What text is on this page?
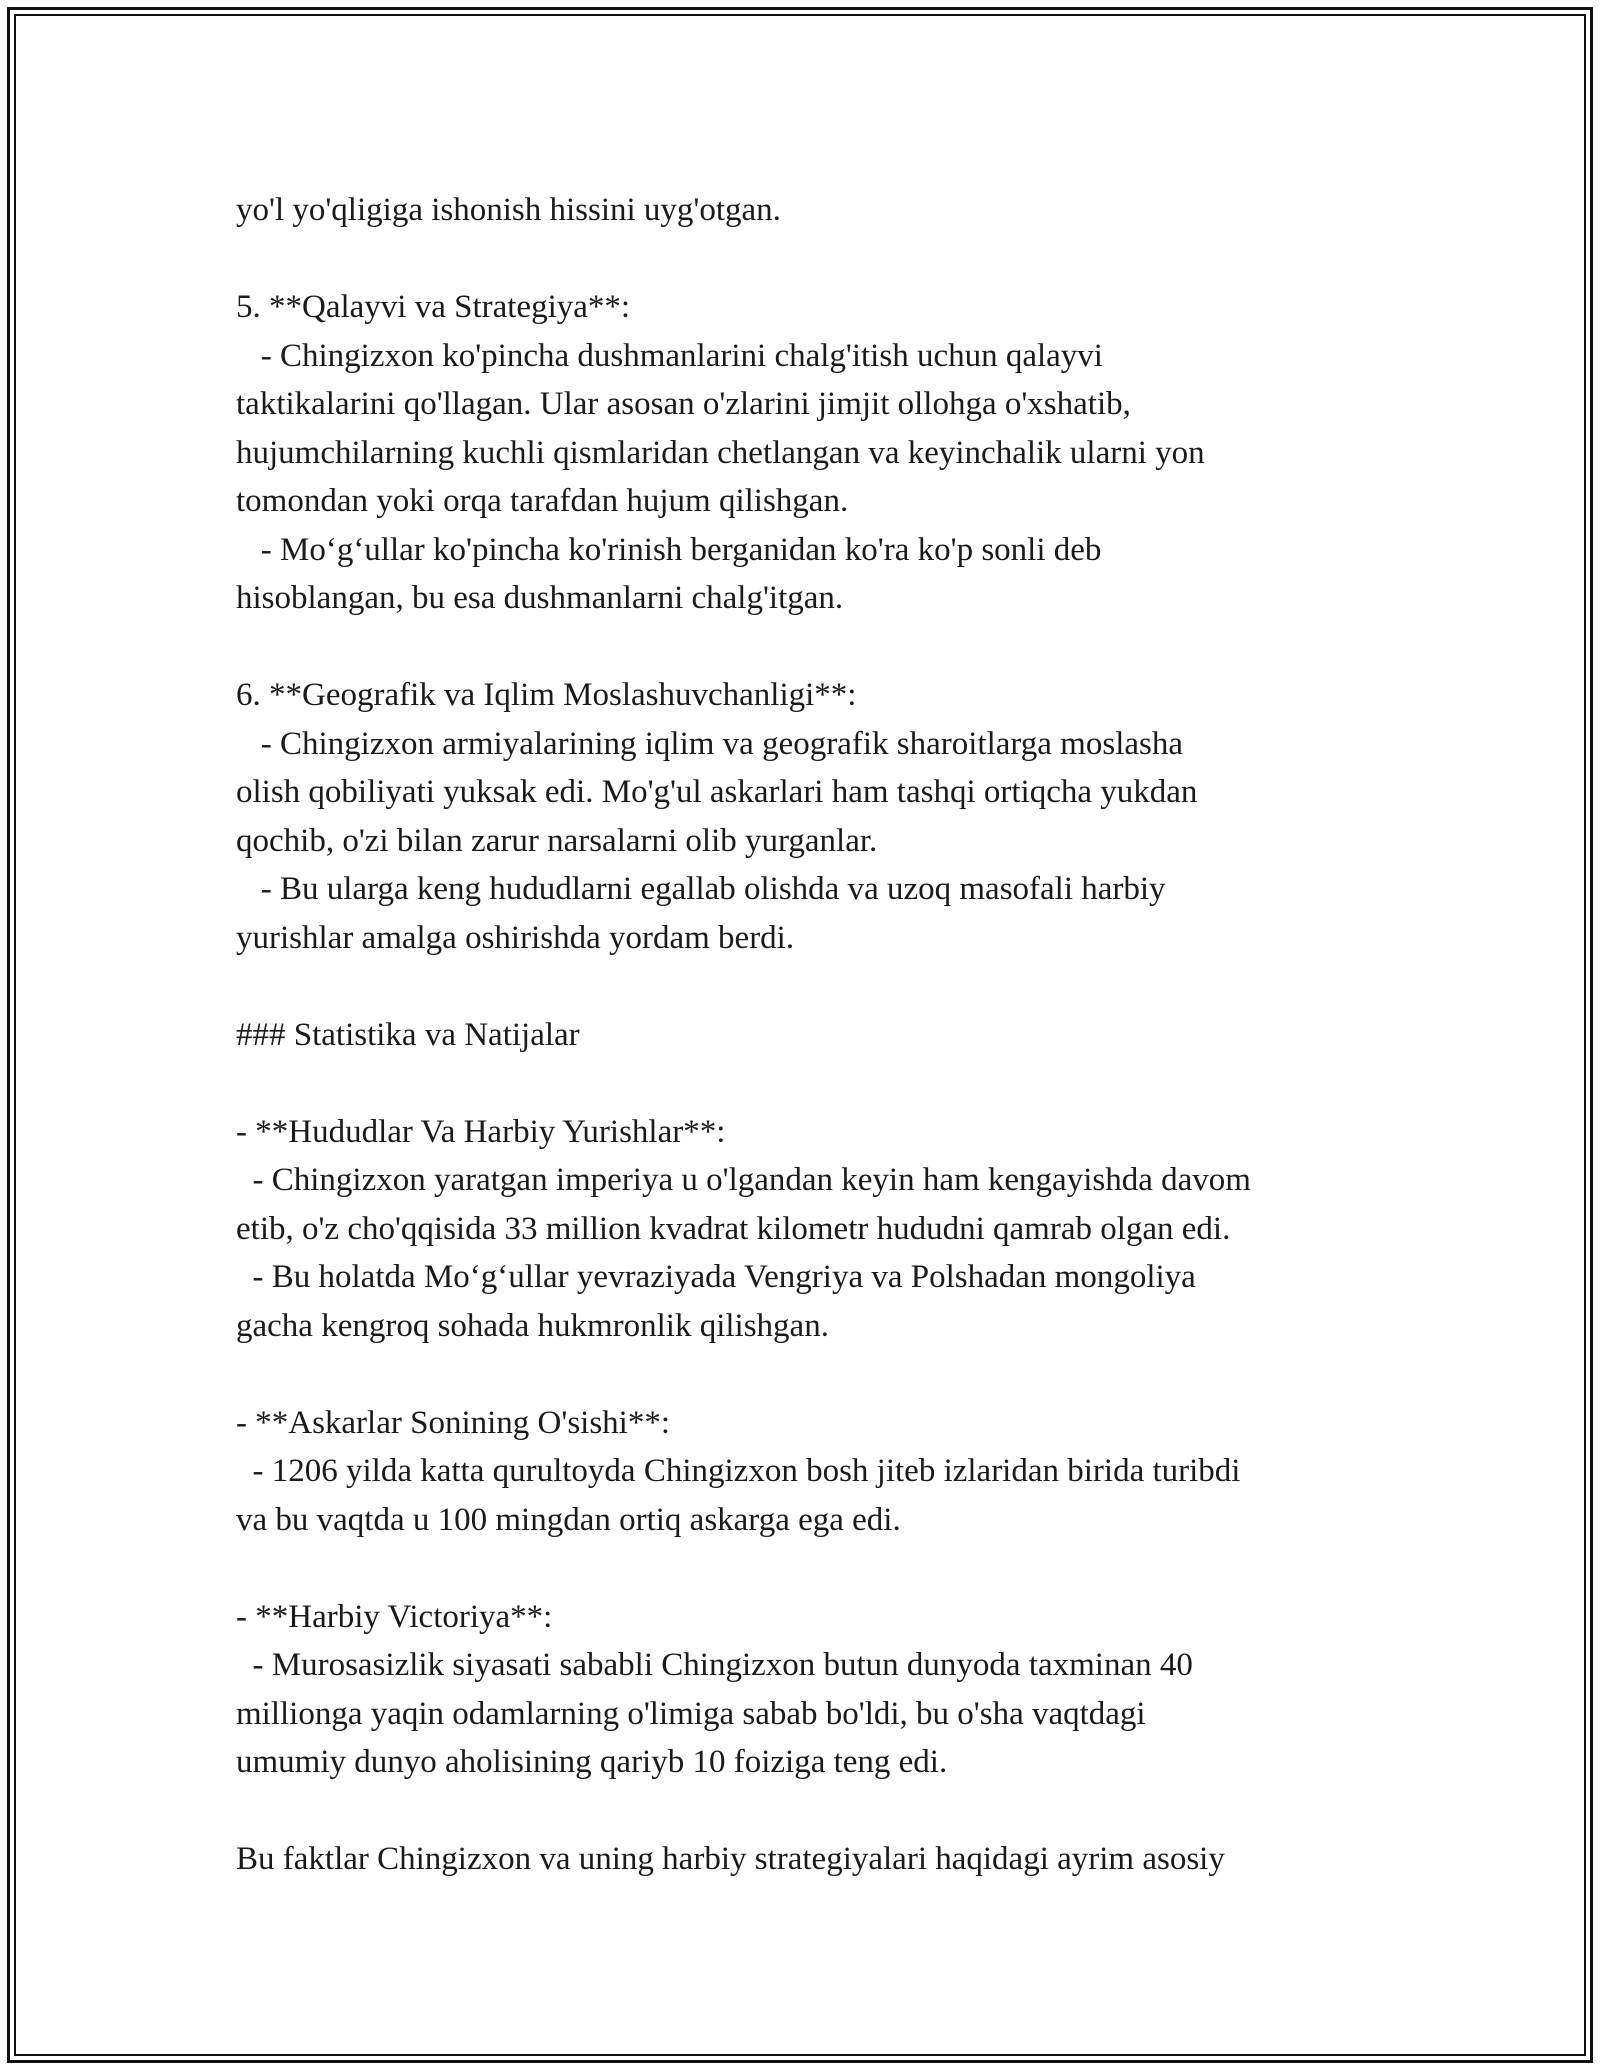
yo'l yo'qligiga ishonish hissini uyg'otgan.
5. **Qalayvi va Strategiya**:
- Chingizxon ko'pincha dushmanlarini chalg'itish uchun qalayvi
taktikalarini qo'llagan. Ular asosan o'zlarini jimjit ollohga o'xshatib,
hujumchilarning kuchli qismlaridan chetlangan va keyinchalik ularni yon
tomondan yoki orqa tarafdan hujum qilishgan.
- Mo‘g‘ullar ko'pincha ko'rinish berganidan ko'ra ko'p sonli deb
hisoblangan, bu esa dushmanlarni chalg'itgan.
6. **Geografik va Iqlim Moslashuvchanligi**:
- Chingizxon armiyalarining iqlim va geografik sharoitlarga moslasha
olish qobiliyati yuksak edi. Mo'g'ul askarlari ham tashqi ortiqcha yukdan
qochib, o'zi bilan zarur narsalarni olib yurganlar.
- Bu ularga keng hududlarni egallab olishda va uzoq masofali harbiy
yurishlar amalga oshirishda yordam berdi.
### Statistika va Natijalar
- **Hududlar Va Harbiy Yurishlar**:
- Chingizxon yaratgan imperiya u o'lgandan keyin ham kengayishda davom
etib, o'z cho'qqisida 33 million kvadrat kilometr hududni qamrab olgan edi.
- Bu holatda Mo‘g‘ullar yevraziyada Vengriya va Polshadan mongoliya
gacha kengroq sohada hukmronlik qilishgan.
- **Askarlar Sonining O'sishi**:
- 1206 yilda katta qurultoyda Chingizxon bosh jiteb izlaridan birida turibdi
va bu vaqtda u 100 mingdan ortiq askarga ega edi.
- **Harbiy Victoriya**:
- Murosasizlik siyasati sababli Chingizxon butun dunyoda taxminan 40
millionga yaqin odamlarning o'limiga sabab bo'ldi, bu o'sha vaqtdagi
umumiy dunyo aholisining qariyb 10 foiziga teng edi.
Bu faktlar Chingizxon va uning harbiy strategiyalari haqidagi ayrim asosiy
